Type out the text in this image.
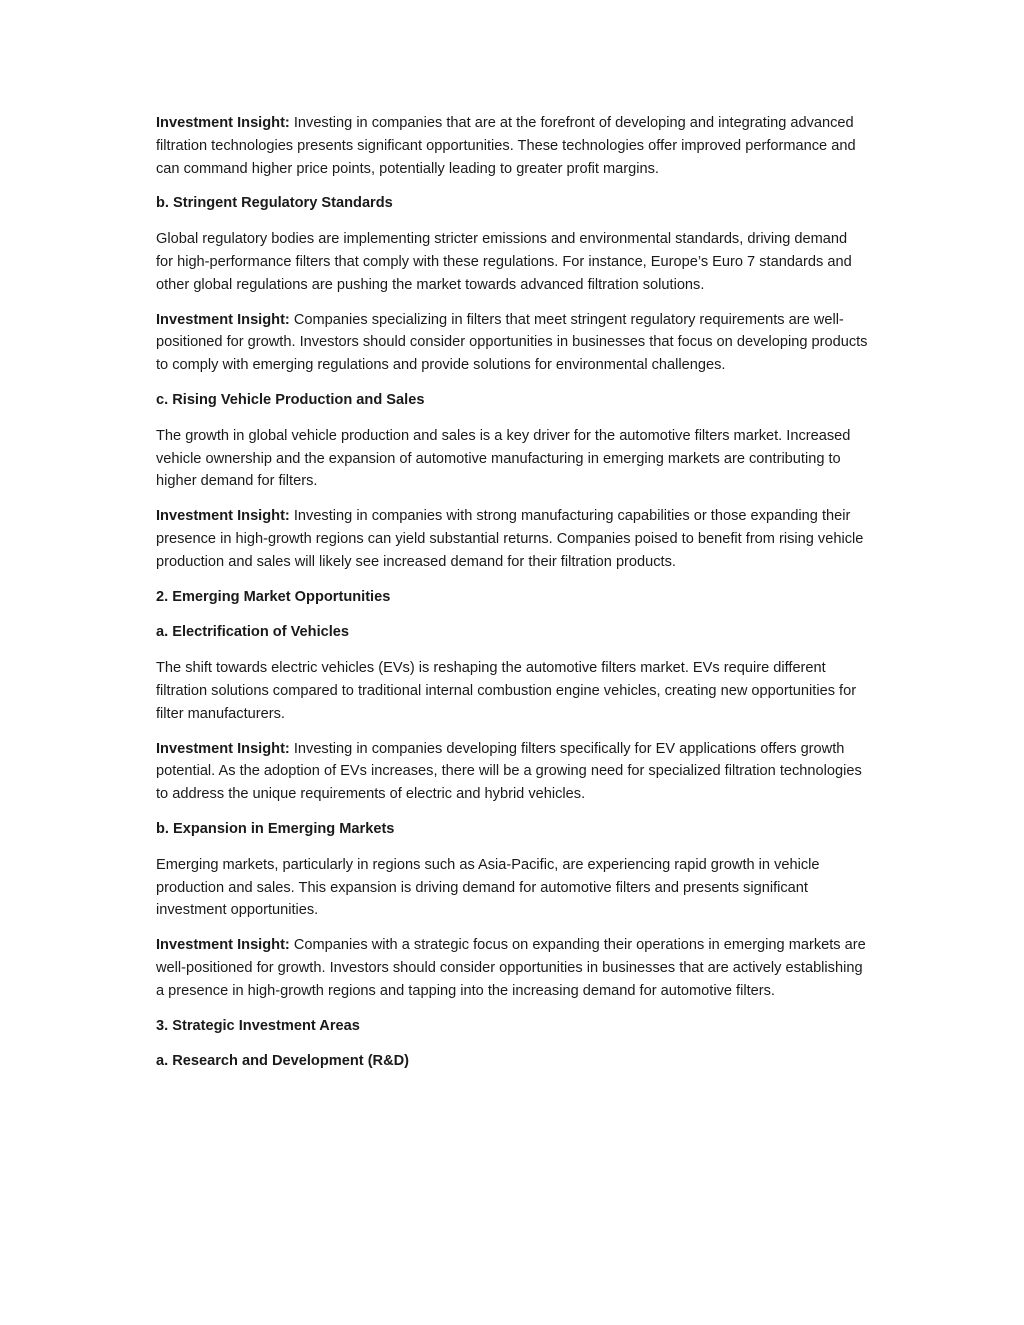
Investment Insight: Investing in companies that are at the forefront of developing and integrating advanced filtration technologies presents significant opportunities. These technologies offer improved performance and can command higher price points, potentially leading to greater profit margins.

b. Stringent Regulatory Standards

Global regulatory bodies are implementing stricter emissions and environmental standards, driving demand for high-performance filters that comply with these regulations. For instance, Europe’s Euro 7 standards and other global regulations are pushing the market towards advanced filtration solutions.

Investment Insight: Companies specializing in filters that meet stringent regulatory requirements are well-positioned for growth. Investors should consider opportunities in businesses that focus on developing products to comply with emerging regulations and provide solutions for environmental challenges.

c. Rising Vehicle Production and Sales

The growth in global vehicle production and sales is a key driver for the automotive filters market. Increased vehicle ownership and the expansion of automotive manufacturing in emerging markets are contributing to higher demand for filters.

Investment Insight: Investing in companies with strong manufacturing capabilities or those expanding their presence in high-growth regions can yield substantial returns. Companies poised to benefit from rising vehicle production and sales will likely see increased demand for their filtration products.

2. Emerging Market Opportunities

a. Electrification of Vehicles

The shift towards electric vehicles (EVs) is reshaping the automotive filters market. EVs require different filtration solutions compared to traditional internal combustion engine vehicles, creating new opportunities for filter manufacturers.

Investment Insight: Investing in companies developing filters specifically for EV applications offers growth potential. As the adoption of EVs increases, there will be a growing need for specialized filtration technologies to address the unique requirements of electric and hybrid vehicles.

b. Expansion in Emerging Markets

Emerging markets, particularly in regions such as Asia-Pacific, are experiencing rapid growth in vehicle production and sales. This expansion is driving demand for automotive filters and presents significant investment opportunities.

Investment Insight: Companies with a strategic focus on expanding their operations in emerging markets are well-positioned for growth. Investors should consider opportunities in businesses that are actively establishing a presence in high-growth regions and tapping into the increasing demand for automotive filters.

3. Strategic Investment Areas

a. Research and Development (R&D)
